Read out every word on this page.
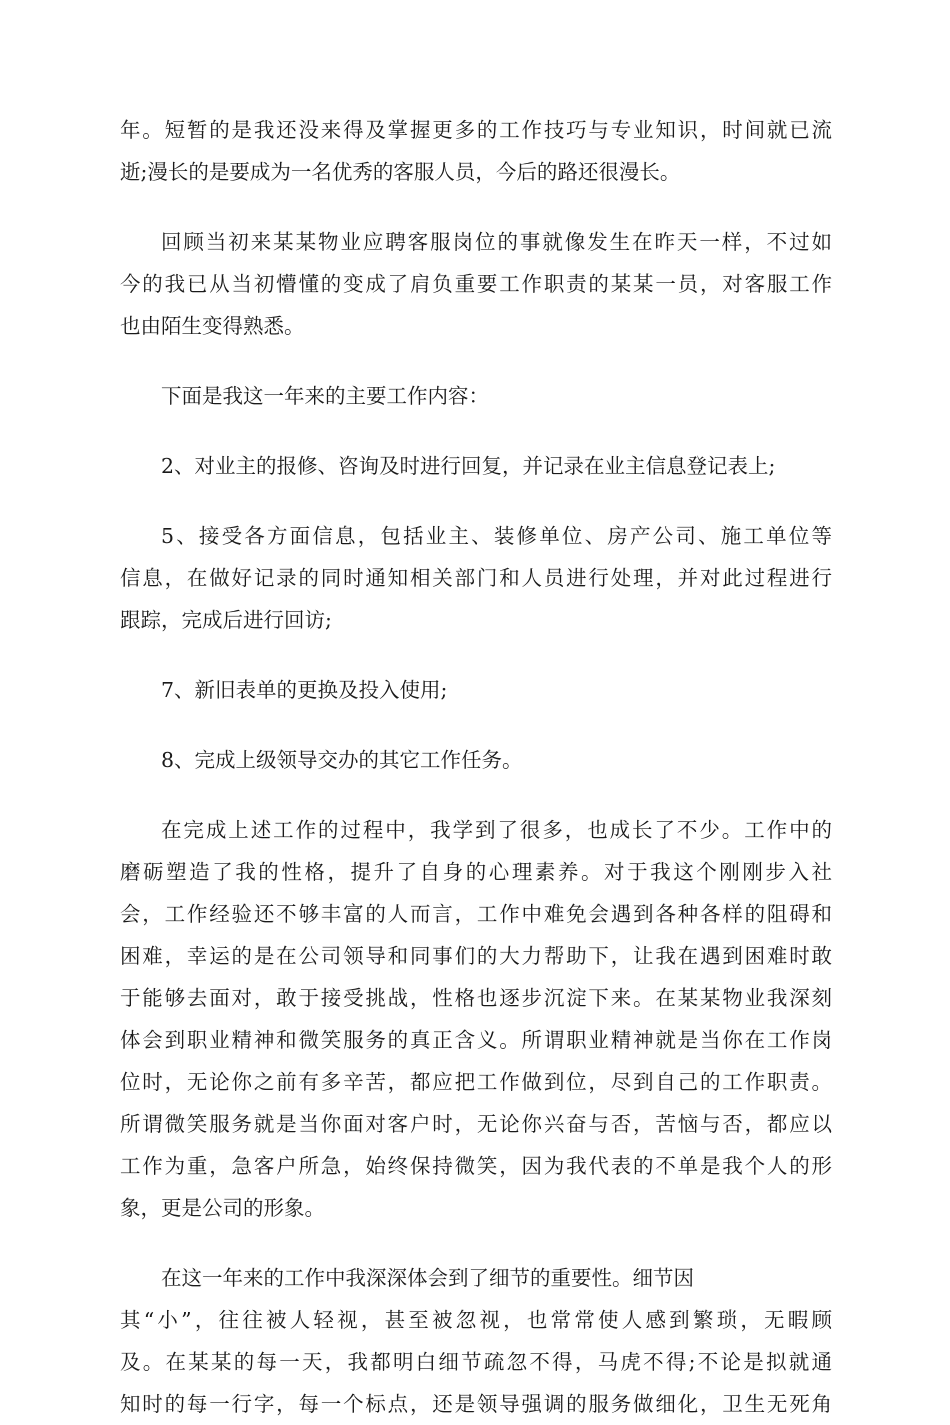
年。短暂的是我还没来得及掌握更多的工作技巧与专业知识，时间就已流
逝;漫长的是要成为一名优秀的客服人员，今后的路还很漫长。
回顾当初来某某物业应聘客服岗位的事就像发生在昨天一样，不过如
今的我已从当初懵懂的变成了肩负重要工作职责的某某一员，对客服工作
也由陌生变得熟悉。
下面是我这一年来的主要工作内容：
2、对业主的报修、咨询及时进行回复，并记录在业主信息登记表上;
5、接受各方面信息，包括业主、装修单位、房产公司、施工单位等
信息，在做好记录的同时通知相关部门和人员进行处理，并对此过程进行
跟踪，完成后进行回访;
7、新旧表单的更换及投入使用;
8、完成上级领导交办的其它工作任务。
在完成上述工作的过程中，我学到了很多，也成长了不少。工作中的
磨砺塑造了我的性格，提升了自身的心理素养。对于我这个刚刚步入社
会，工作经验还不够丰富的人而言，工作中难免会遇到各种各样的阻碍和
困难，幸运的是在公司领导和同事们的大力帮助下，让我在遇到困难时敢
于能够去面对，敢于接受挑战，性格也逐步沉淀下来。在某某物业我深刻
体会到职业精神和微笑服务的真正含义。所谓职业精神就是当你在工作岗
位时，无论你之前有多辛苦，都应把工作做到位，尽到自己的工作职责。
所谓微笑服务就是当你面对客户时，无论你兴奋与否，苦恼与否，都应以
工作为重，急客户所急，始终保持微笑，因为我代表的不单是我个人的形
象，更是公司的形象。
在这一年来的工作中我深深体会到了细节的重要性。细节因
其“小”，往往被人轻视，甚至被忽视，也常常使人感到繁琐，无暇顾
及。在某某的每一天，我都明白细节疏忽不得，马虎不得;不论是拟就通
知时的每一行字，每一个标点，还是领导强调的服务做细化，卫生无死角
